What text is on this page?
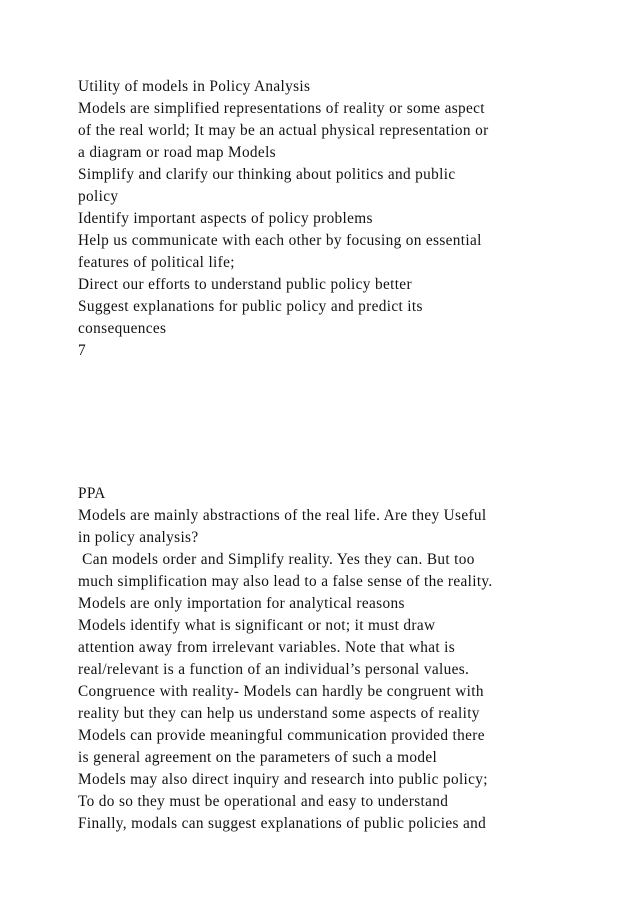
Utility of models in Policy Analysis
Models are simplified representations of reality or some aspect
of the real world; It may be an actual physical representation or
a diagram or road map Models
Simplify and clarify our thinking about politics and public
policy
Identify important aspects of policy problems
Help us communicate with each other by focusing on essential
features of political life;
Direct our efforts to understand public policy better
Suggest explanations for public policy and predict its
consequences
7
PPA
Models are mainly abstractions of the real life. Are they Useful
in policy analysis?
Can models order and Simplify reality. Yes they can. But too
much simplification may also lead to a false sense of the reality.
Models are only importation for analytical reasons
Models identify what is significant or not; it must draw
attention away from irrelevant variables. Note that what is
real/relevant is a function of an individual’s personal values.
Congruence with reality- Models can hardly be congruent with
reality but they can help us understand some aspects of reality
Models can provide meaningful communication provided there
is general agreement on the parameters of such a model
Models may also direct inquiry and research into public policy;
To do so they must be operational and easy to understand
Finally, modals can suggest explanations of public policies and
